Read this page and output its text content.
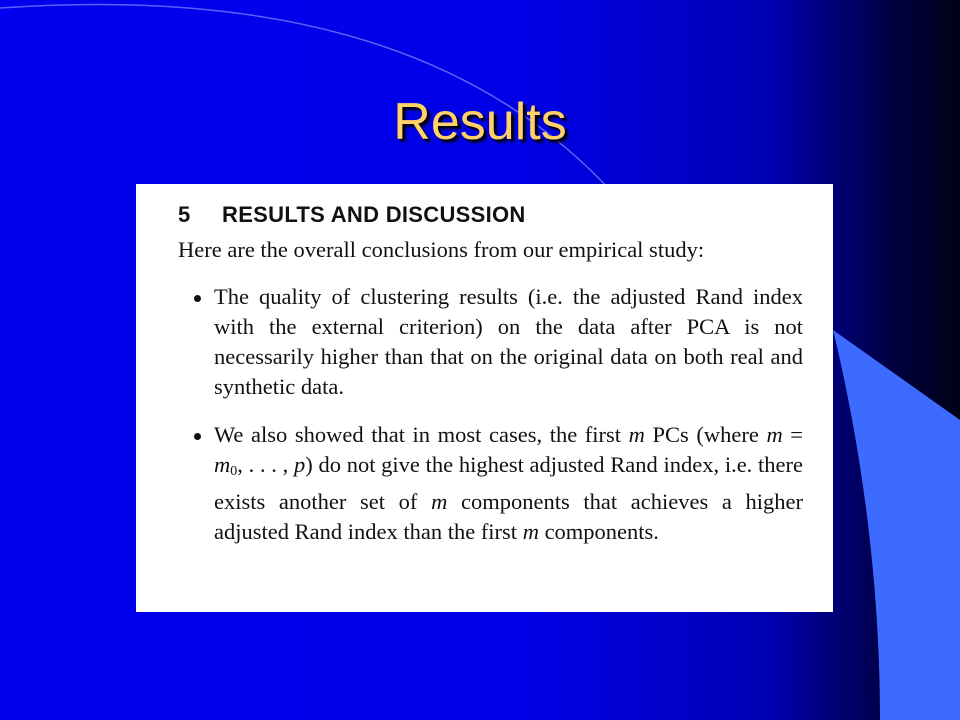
Results
5 RESULTS AND DISCUSSION

Here are the overall conclusions from our empirical study:

The quality of clustering results (i.e. the adjusted Rand index with the external criterion) on the data after PCA is not necessarily higher than that on the original data on both real and synthetic data.
We also showed that in most cases, the first m PCs (where $m = m_0$, . . . , p) do not give the highest adjusted Rand index, i.e. there exists another set of m components that achieves a higher adjusted Rand index than the first m components.
